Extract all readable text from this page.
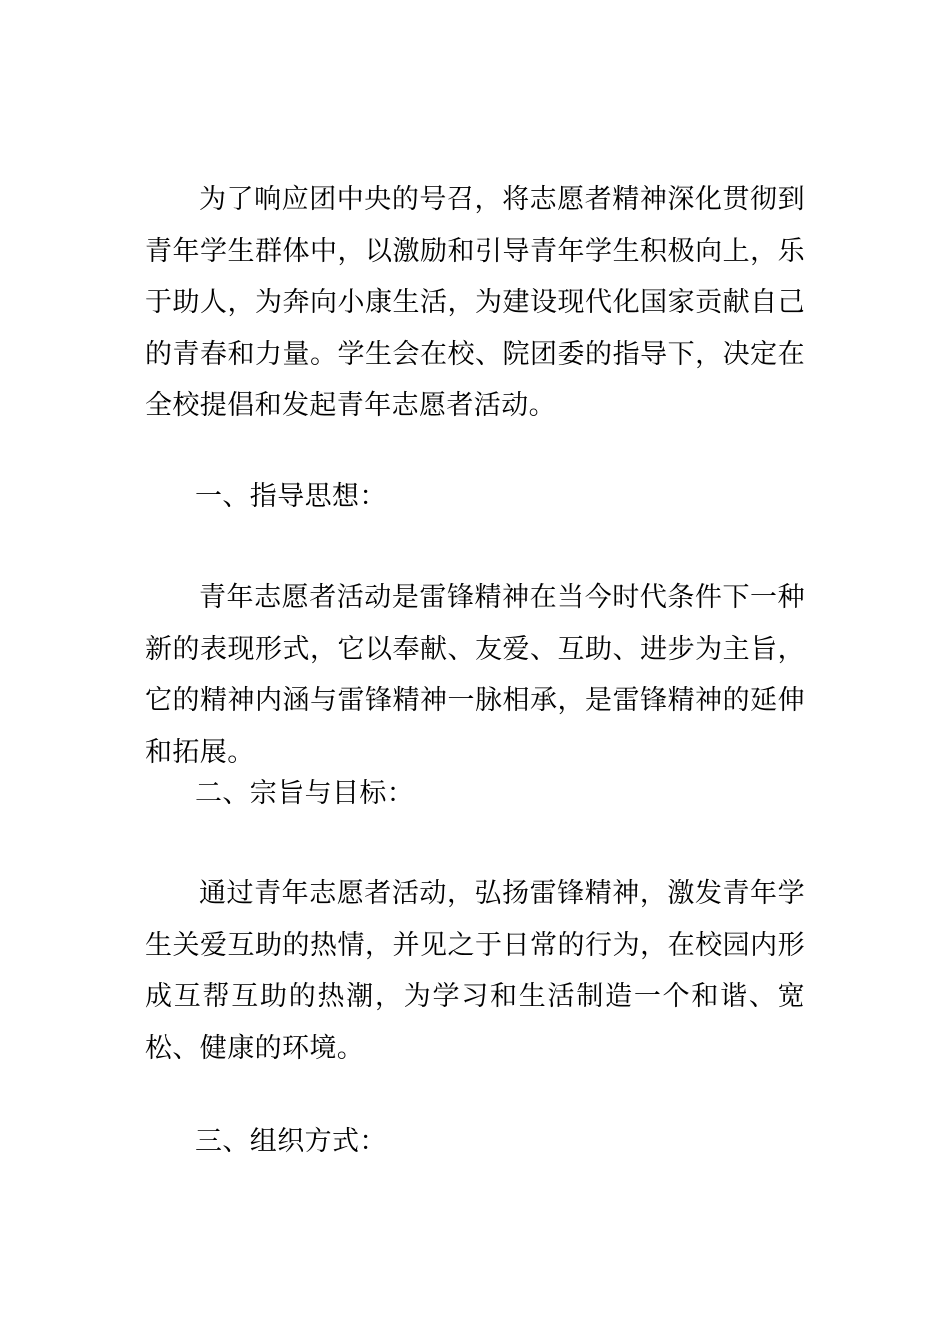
为了响应团中央的号召，将志愿者精神深化贯彻到青年学生群体中，以激励和引导青年学生积极向上，乐于助人，为奔向小康生活，为建设现代化国家贡献自己的青春和力量。学生会在校、院团委的指导下，决定在全校提倡和发起青年志愿者活动。

一、指导思想：

青年志愿者活动是雷锋精神在当今时代条件下一种新的表现形式，它以奉献、友爱、互助、进步为主旨，它的精神内涵与雷锋精神一脉相承，是雷锋精神的延伸和拓展。

二、宗旨与目标：

通过青年志愿者活动，弘扬雷锋精神，激发青年学生关爱互助的热情，并见之于日常的行为，在校园内形成互帮互助的热潮，为学习和生活制造一个和谐、宽松、健康的环境。

三、组织方式：
